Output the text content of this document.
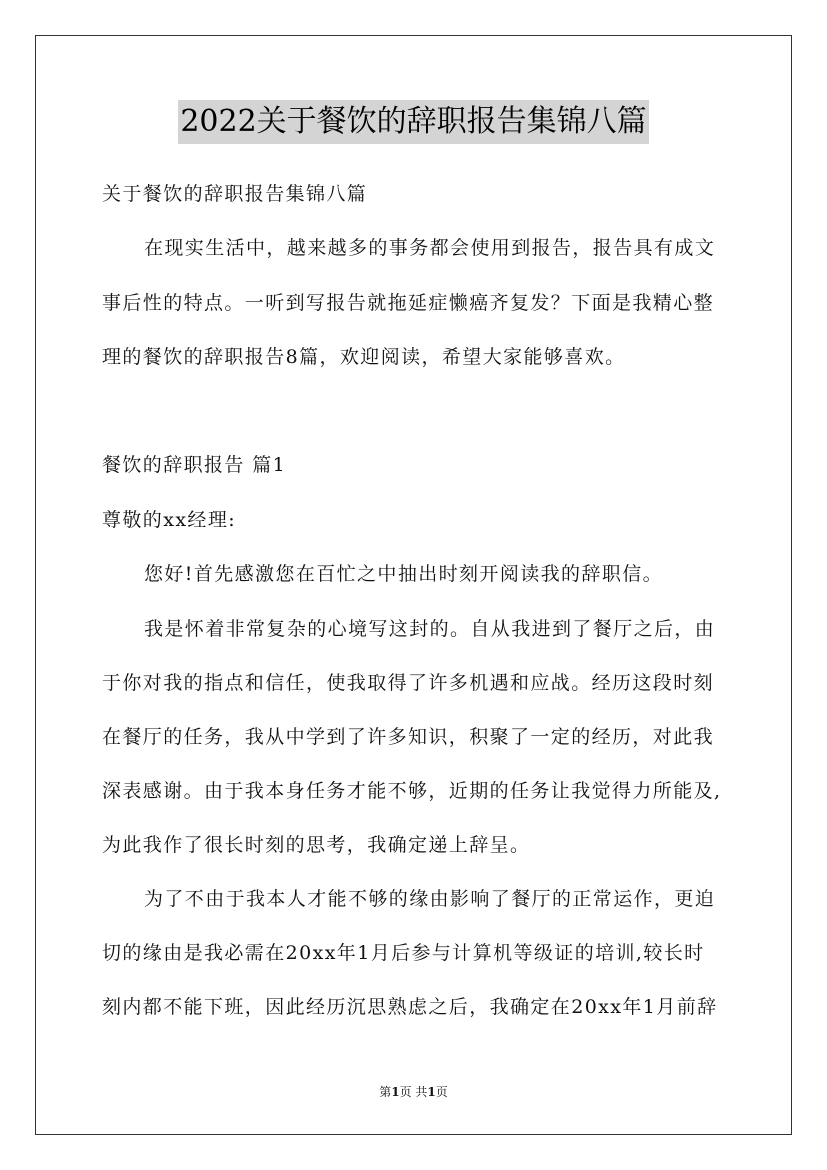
2022关于餐饮的辞职报告集锦八篇
关于餐饮的辞职报告集锦八篇
在现实生活中，越来越多的事务都会使用到报告，报告具有成文
事后性的特点。一听到写报告就拖延症懒癌齐复发？下面是我精心整
理的餐饮的辞职报告8篇，欢迎阅读，希望大家能够喜欢。
餐饮的辞职报告 篇1
尊敬的xx经理:
您好!首先感激您在百忙之中抽出时刻开阅读我的辞职信。
我是怀着非常复杂的心境写这封的。自从我进到了餐厅之后，由
于你对我的指点和信任，使我取得了许多机遇和应战。经历这段时刻
在餐厅的任务，我从中学到了许多知识，积聚了一定的经历，对此我
深表感谢。由于我本身任务才能不够，近期的任务让我觉得力所能及,
为此我作了很长时刻的思考，我确定递上辞呈。
为了不由于我本人才能不够的缘由影响了餐厅的正常运作，更迫
切的缘由是我必需在20xx年1月后参与计算机等级证的培训,较长时
刻内都不能下班，因此经历沉思熟虑之后，我确定在20xx年1月前辞
第1页 共1页
